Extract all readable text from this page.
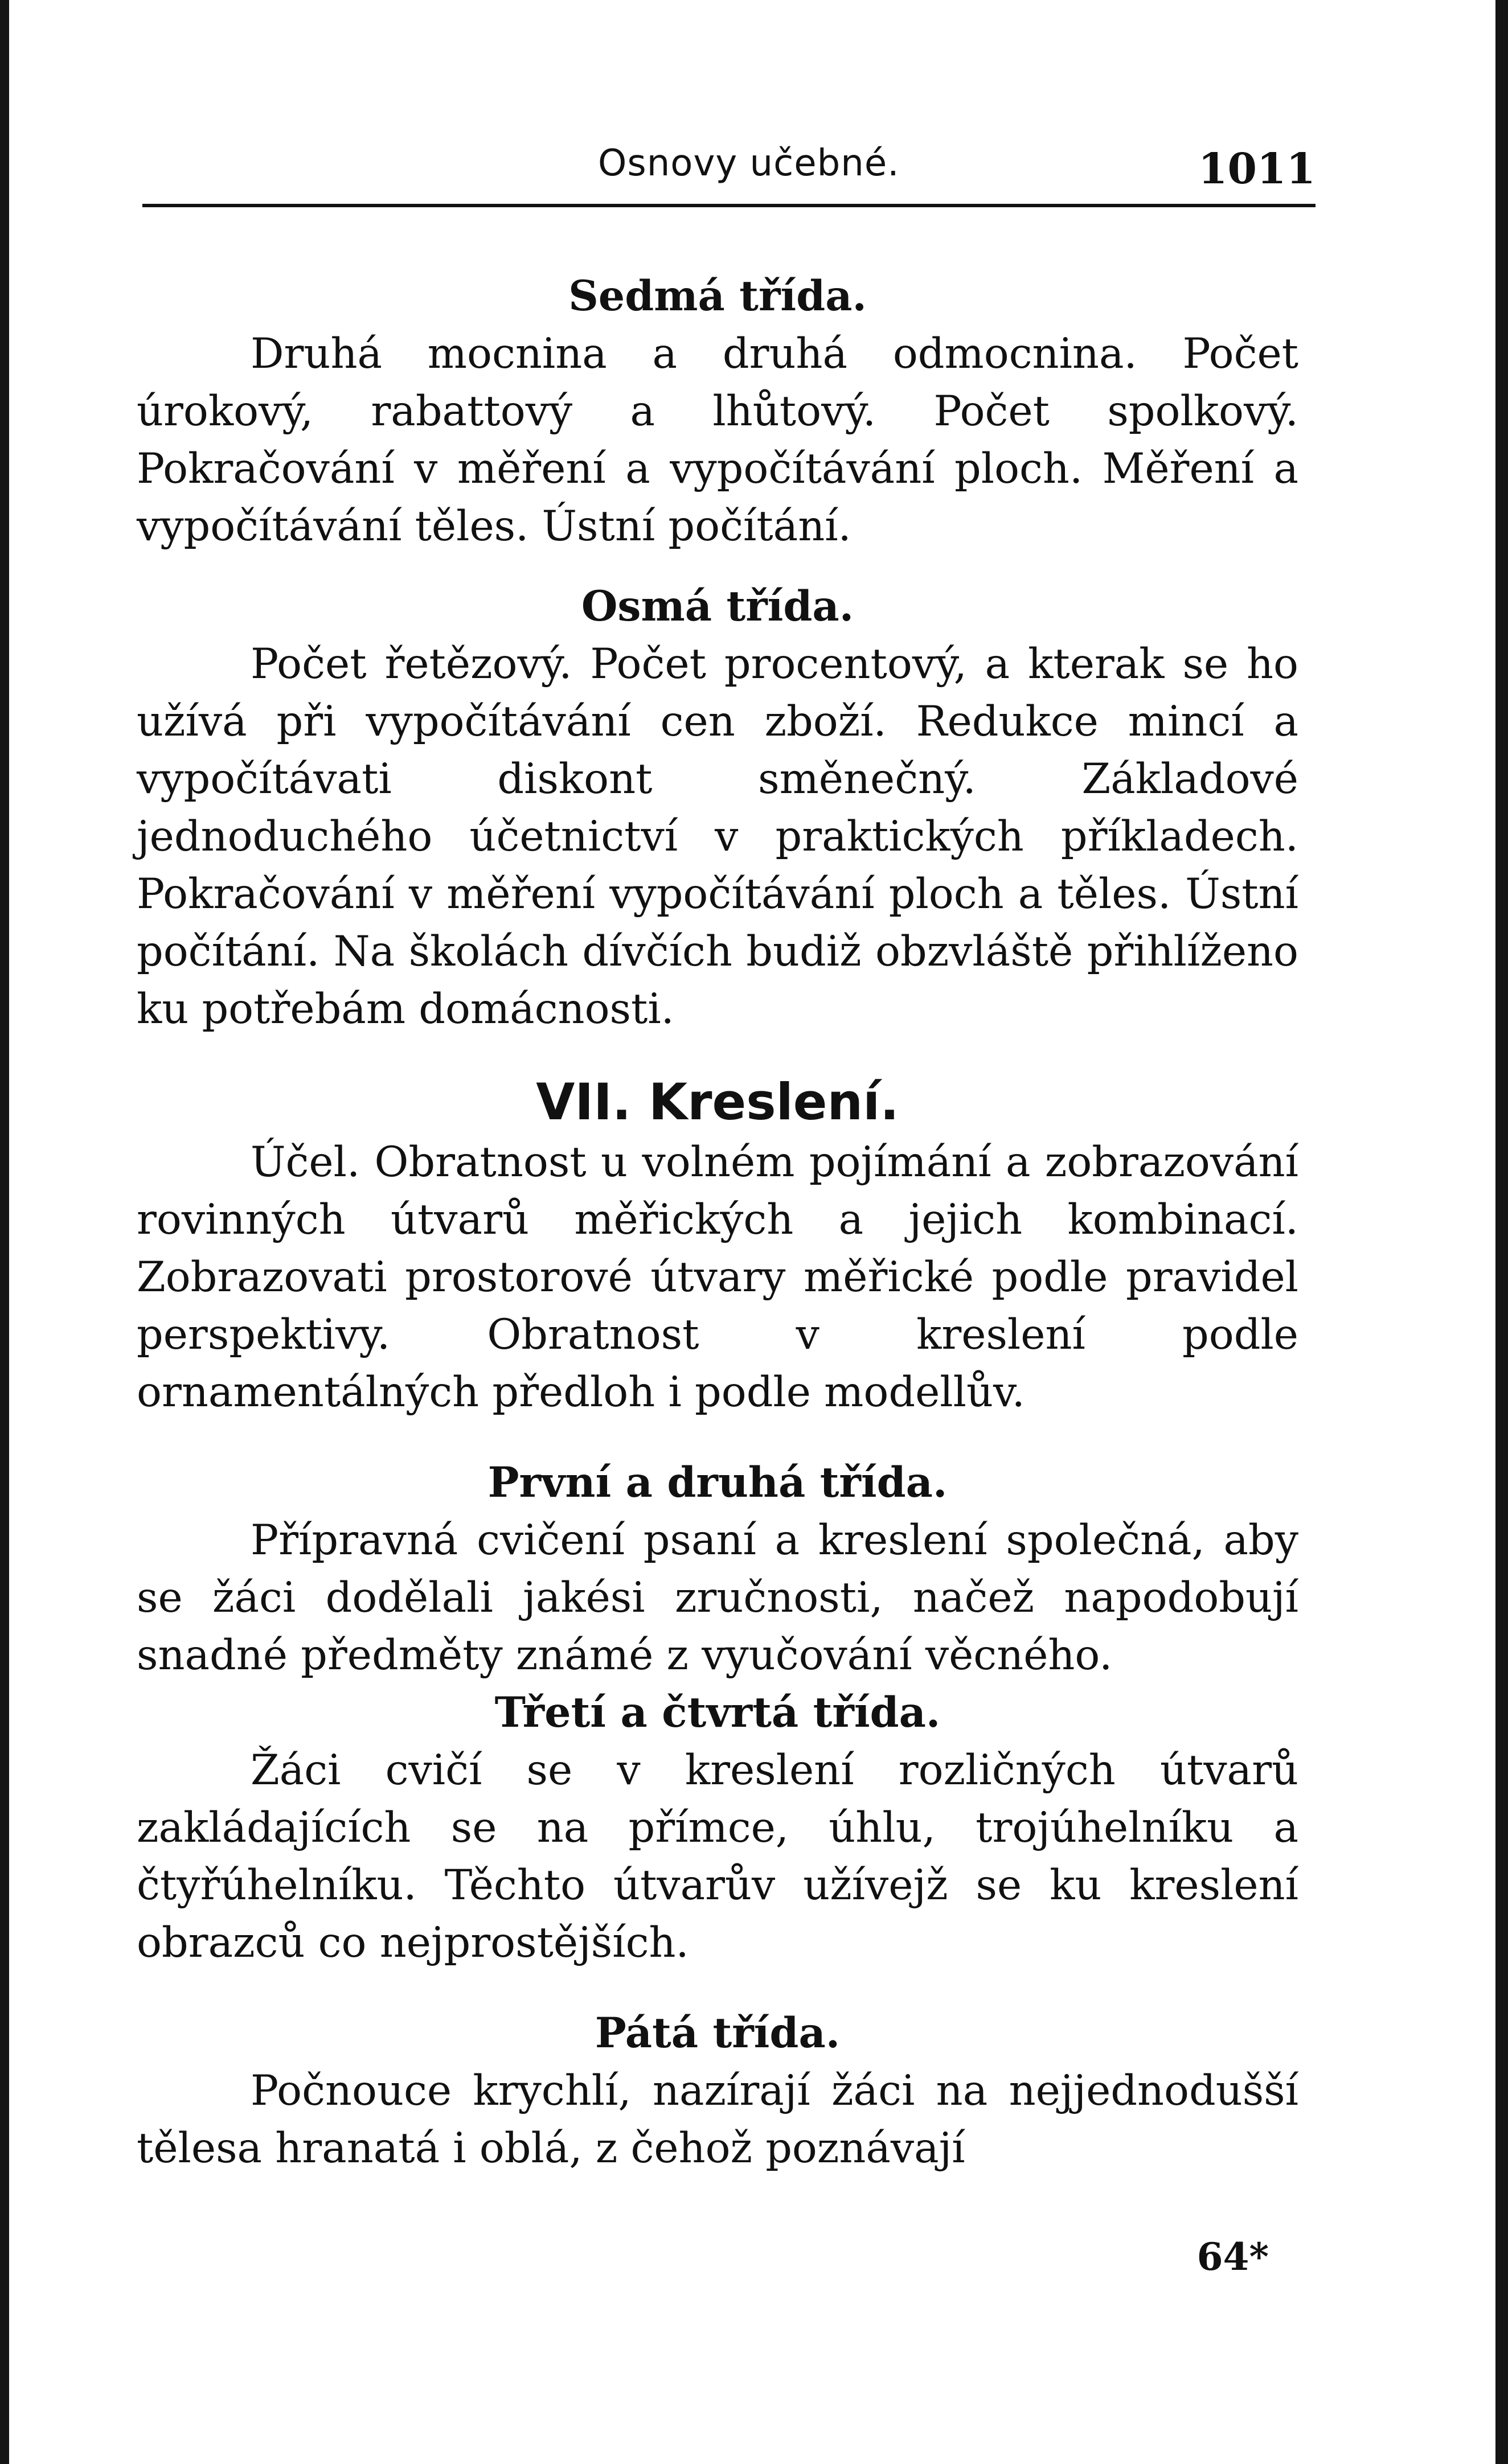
Osnovy učebné.	1011

Sedmá třída.

Druhá mocnina a druhá odmocnina. Počet úrokový, rabattový a lhůtový. Počet spolkový. Pokračování v měření a vypočítávání ploch. Měření a vypočítávání těles. Ústní počítání.

Osmá třída.

Počet řetězový. Počet procentový, a kterak se ho užívá při vypočítávání cen zboží. Redukce mincí a vypočítávati diskont směnečný. Základové jednoduchého účetnictví v praktických příkladech. Pokračování v měření vypočítávání ploch a těles. Ústní počítání. Na školách dívčích budiž obzvláště přihlíženo ku potřebám domácnosti.

VII. Kreslení.

Účel. Obratnost u volném pojímání a zobrazování rovinných útvarů měřických a jejich kombinací. Zobrazovati prostorové útvary měřické podle pravidel perspektivy. Obratnost v kreslení podle ornamentálných předloh i podle modellův.

První a druhá třída.

Přípravná cvičení psaní a kreslení společná, aby se žáci dodělali jakési zručnosti, načež napodobují snadné předměty známé z vyučování věcného.

Třetí a čtvrtá třída.

Žáci cvičí se v kreslení rozličných útvarů zakládajících se na přímce, úhlu, trojúhelníku a čtyřúhelníku. Těchto útvarův užívejž se ku kreslení obrazců co nejprostějších.

Pátá třída.

Počnouce krychlí, nazírají žáci na nejjednodušší tělesa hranatá i oblá, z čehož poznávají

64*
